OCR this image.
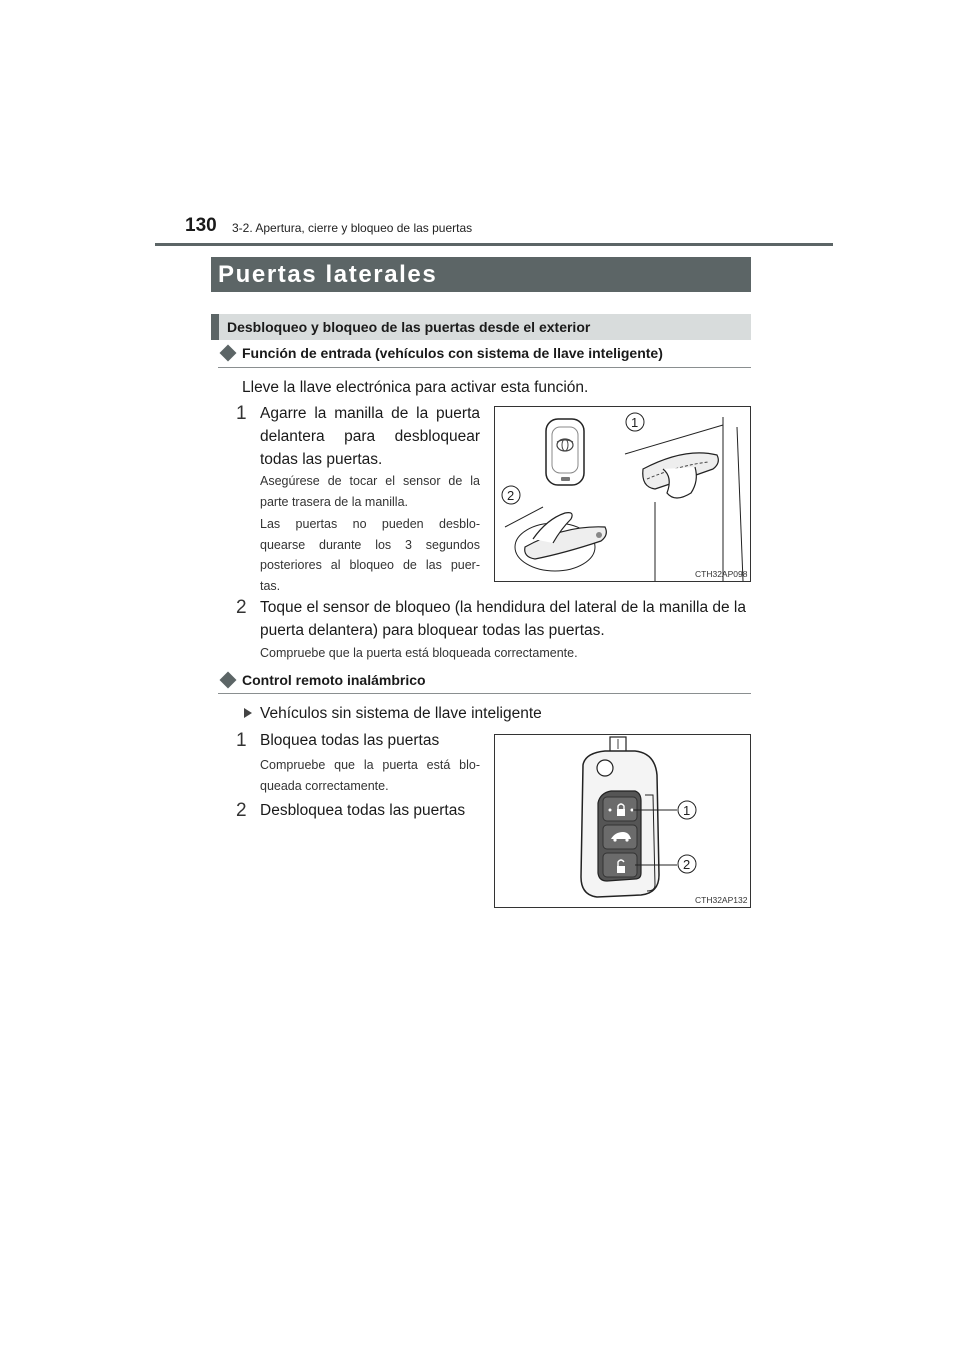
130 3-2. Apertura, cierre y bloqueo de las puertas
Puertas laterales
Desbloqueo y bloqueo de las puertas desde el exterior
Función de entrada (vehículos con sistema de llave inteligente)
Lleve la llave electrónica para activar esta función.
1 Agarre la manilla de la puerta
delantera para desbloquear
todas las puertas.
Asegúrese de tocar el sensor de la
parte trasera de la manilla.
Las puertas no pueden desblo-
quearse durante los 3 segundos
posteriores al bloqueo de las puer-
tas.
1
2
CTH32AP098
2 Toque el sensor de bloqueo (la hendidura del lateral de la manilla de la
puerta delantera) para bloquear todas las puertas.
Compruebe que la puerta está bloqueada correctamente.
Control remoto inalámbrico
Vehículos sin sistema de llave inteligente
1 Bloquea todas las puertas
Compruebe que la puerta está blo-
queada correctamente.
2 Desbloquea todas las puertas	1
2
CTH32AP132
